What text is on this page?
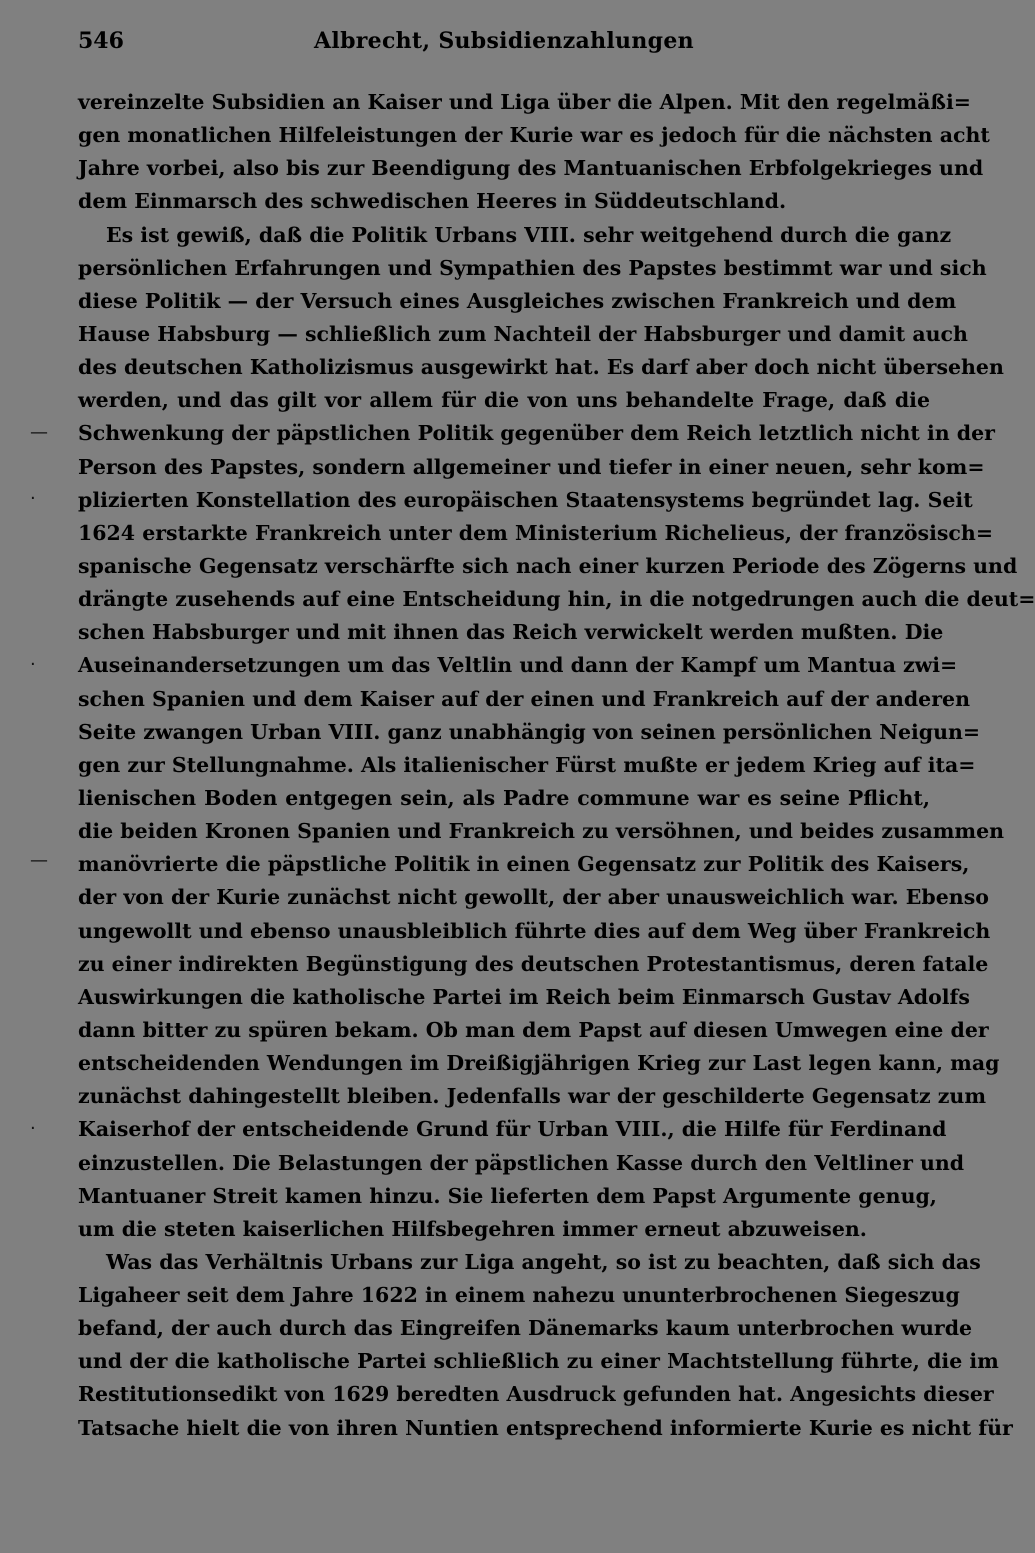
546	Albrecht, Subsidienzahlungen
—
·
·
—
·
vereinzelte Subsidien an Kaiser und Liga über die Alpen. Mit den regelmäßi=
gen monatlichen Hilfeleistungen der Kurie war es jedoch für die nächsten acht
Jahre vorbei, also bis zur Beendigung des Mantuanischen Erbfolgekrieges und
dem Einmarsch des schwedischen Heeres in Süddeutschland.
Es ist gewiß, daß die Politik Urbans VIII. sehr weitgehend durch die ganz
persönlichen Erfahrungen und Sympathien des Papstes bestimmt war und sich
diese Politik — der Versuch eines Ausgleiches zwischen Frankreich und dem
Hause Habsburg — schließlich zum Nachteil der Habsburger und damit auch
des deutschen Katholizismus ausgewirkt hat. Es darf aber doch nicht übersehen
werden, und das gilt vor allem für die von uns behandelte Frage, daß die
Schwenkung der päpstlichen Politik gegenüber dem Reich letztlich nicht in der
Person des Papstes, sondern allgemeiner und tiefer in einer neuen, sehr kom=
plizierten Konstellation des europäischen Staatensystems begründet lag. Seit
1624 erstarkte Frankreich unter dem Ministerium Richelieus, der französisch=
spanische Gegensatz verschärfte sich nach einer kurzen Periode des Zögerns und
drängte zusehends auf eine Entscheidung hin, in die notgedrungen auch die deut=
schen Habsburger und mit ihnen das Reich verwickelt werden mußten. Die
Auseinandersetzungen um das Veltlin und dann der Kampf um Mantua zwi=
schen Spanien und dem Kaiser auf der einen und Frankreich auf der anderen
Seite zwangen Urban VIII. ganz unabhängig von seinen persönlichen Neigun=
gen zur Stellungnahme. Als italienischer Fürst mußte er jedem Krieg auf ita=
lienischen Boden entgegen sein, als Padre commune war es seine Pflicht,
die beiden Kronen Spanien und Frankreich zu versöhnen, und beides zusammen
manövrierte die päpstliche Politik in einen Gegensatz zur Politik des Kaisers,
der von der Kurie zunächst nicht gewollt, der aber unausweichlich war. Ebenso
ungewollt und ebenso unausbleiblich führte dies auf dem Weg über Frankreich
zu einer indirekten Begünstigung des deutschen Protestantismus, deren fatale
Auswirkungen die katholische Partei im Reich beim Einmarsch Gustav Adolfs
dann bitter zu spüren bekam. Ob man dem Papst auf diesen Umwegen eine der
entscheidenden Wendungen im Dreißigjährigen Krieg zur Last legen kann, mag
zunächst dahingestellt bleiben. Jedenfalls war der geschilderte Gegensatz zum
Kaiserhof der entscheidende Grund für Urban VIII., die Hilfe für Ferdinand
einzustellen. Die Belastungen der päpstlichen Kasse durch den Veltliner und
Mantuaner Streit kamen hinzu. Sie lieferten dem Papst Argumente genug,
um die steten kaiserlichen Hilfsbegehren immer erneut abzuweisen.
Was das Verhältnis Urbans zur Liga angeht, so ist zu beachten, daß sich das
Ligaheer seit dem Jahre 1622 in einem nahezu ununterbrochenen Siegeszug
befand, der auch durch das Eingreifen Dänemarks kaum unterbrochen wurde
und der die katholische Partei schließlich zu einer Machtstellung führte, die im
Restitutionsedikt von 1629 beredten Ausdruck gefunden hat. Angesichts dieser
Tatsache hielt die von ihren Nuntien entsprechend informierte Kurie es nicht für
